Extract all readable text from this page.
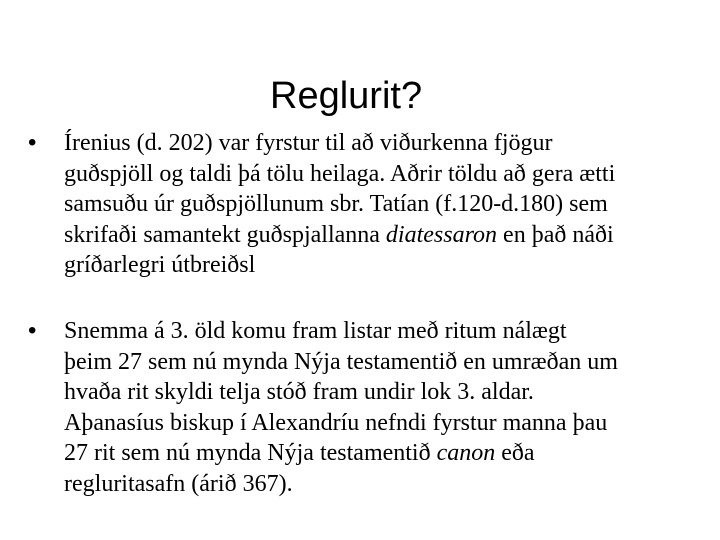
Reglurit?
•	Írenius (d. 202) var fyrstur til að viðurkenna fjögur
guðspjöll og taldi þá tölu heilaga. Aðrir töldu að gera ætti
samsuðu úr guðspjöllunum sbr. Tatían (f.120-d.180) sem
skrifaði samantekt guðspjallanna diatessaron en það náði
gríðarlegri útbreiðsl
•	Snemma á 3. öld komu fram listar með ritum nálægt
þeim 27 sem nú mynda Nýja testamentið en umræðan um
hvaða rit skyldi telja stóð fram undir lok 3. aldar.
Aþanasíus biskup í Alexandríu nefndi fyrstur manna þau
27 rit sem nú mynda Nýja testamentið canon eða
regluritasafn (árið 367).
